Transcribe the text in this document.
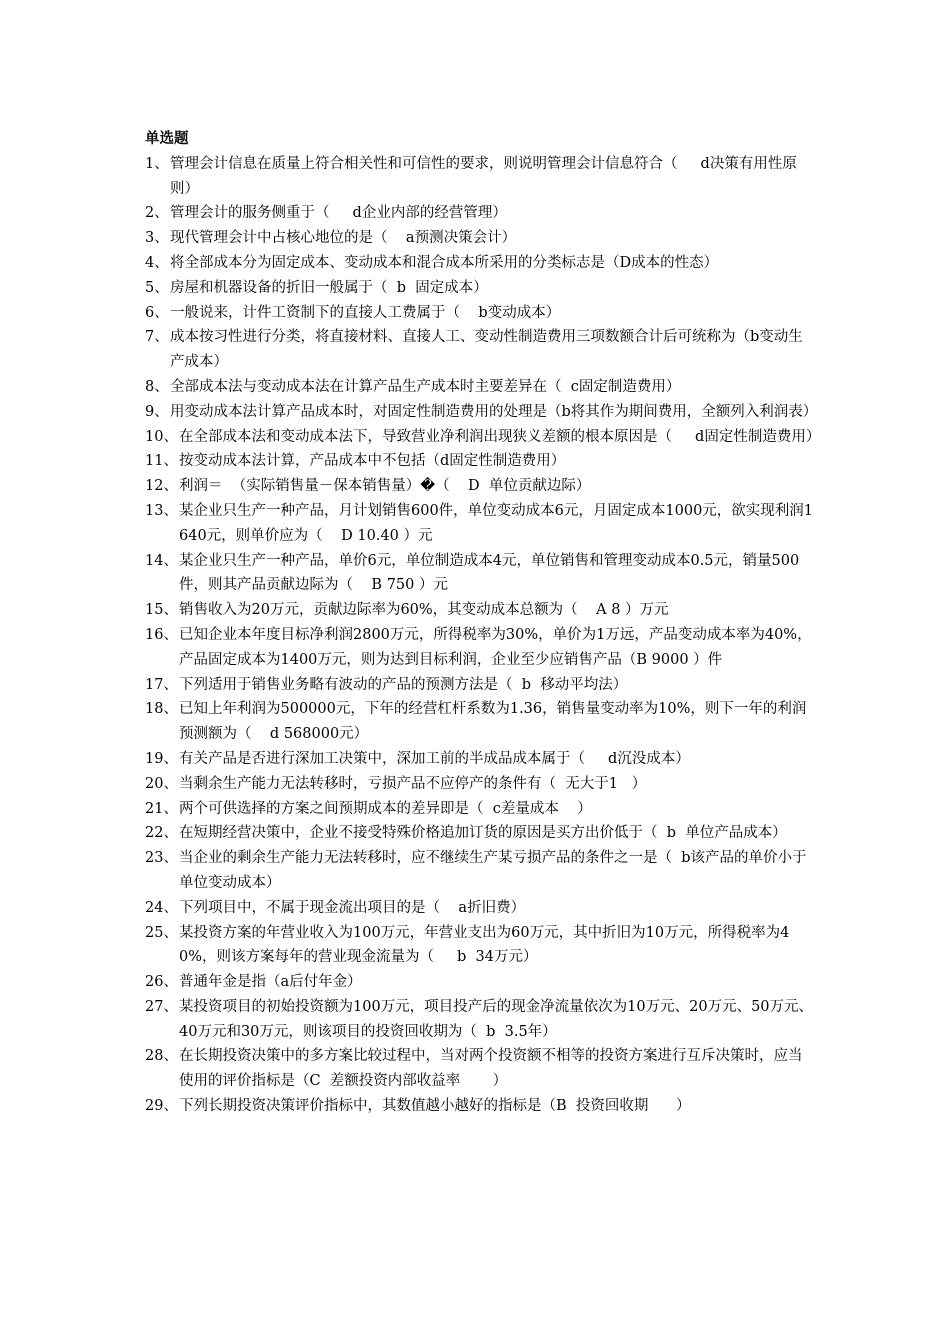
单选题
1、 管理会计信息在质量上符合相关性和可信性的要求，则说明管理会计信息符合（     d决策有用性原则）
2、 管理会计的服务侧重于（     d企业内部的经营管理）
3、 现代管理会计中占核心地位的是（    a预测决策会计）
4、 将全部成本分为固定成本、变动成本和混合成本所采用的分类标志是（D成本的性态）
5、 房屋和机器设备的折旧一般属于（  b  固定成本）
6、 一般说来，计件工资制下的直接人工费属于（    b变动成本）
7、 成本按习性进行分类，将直接材料、直接人工、变动性制造费用三项数额合计后可统称为（b变动生产成本）
8、 全部成本法与变动成本法在计算产品生产成本时主要差异在（  c固定制造费用）
9、 用变动成本法计算产品成本时，对固定性制造费用的处理是（b将其作为期间费用，全额列入利润表）
10、 在全部成本法和变动成本法下，导致营业净利润出现狭义差额的根本原因是（     d固定性制造费用）
11、 按变动成本法计算，产品成本中不包括（d固定性制造费用）
12、 利润＝  （实际销售量－保本销售量）�（    D  单位贡献边际）
13、 某企业只生产一种产品，月计划销售600件，单位变动成本6元，月固定成本1000元，欲实现利润1640元，则单价应为（    D 10.40 ）元
14、 某企业只生产一种产品，单价6元，单位制造成本4元，单位销售和管理变动成本0.5元，销量500件，则其产品贡献边际为（    B 750 ）元
15、 销售收入为20万元，贡献边际率为60%，其变动成本总额为（    A 8 ）万元
16、 已知企业本年度目标净利润2800万元，所得税率为30%，单价为1万远，产品变动成本率为40%，产品固定成本为1400万元，则为达到目标利润，企业至少应销售产品（B 9000 ）件
17、 下列适用于销售业务略有波动的产品的预测方法是（  b  移动平均法）
18、 已知上年利润为500000元，下年的经营杠杆系数为1.36，销售量变动率为10%，则下一年的利润预测额为（    d 568000元）
19、 有关产品是否进行深加工决策中，深加工前的半成品成本属于（     d沉没成本）
20、 当剩余生产能力无法转移时，亏损产品不应停产的条件有（  无大于1   ）
21、 两个可供选择的方案之间预期成本的差异即是（  c差量成本    ）
22、 在短期经营决策中，企业不接受特殊价格追加订货的原因是买方出价低于（  b  单位产品成本）
23、 当企业的剩余生产能力无法转移时，应不继续生产某亏损产品的条件之一是（  b该产品的单价小于单位变动成本）
24、 下列项目中，不属于现金流出项目的是（    a折旧费）
25、 某投资方案的年营业收入为100万元，年营业支出为60万元，其中折旧为10万元，所得税率为40%，则该方案每年的营业现金流量为（     b  34万元）
26、 普通年金是指（a后付年金）
27、 某投资项目的初始投资额为100万元，项目投产后的现金净流量依次为10万元、20万元、50万元、40万元和30万元，则该项目的投资回收期为（  b  3.5年）
28、 在长期投资决策中的多方案比较过程中，当对两个投资额不相等的投资方案进行互斥决策时，应当使用的评价指标是（C  差额投资内部收益率       ）
29、 下列长期投资决策评价指标中，其数值越小越好的指标是（B  投资回收期      ）
